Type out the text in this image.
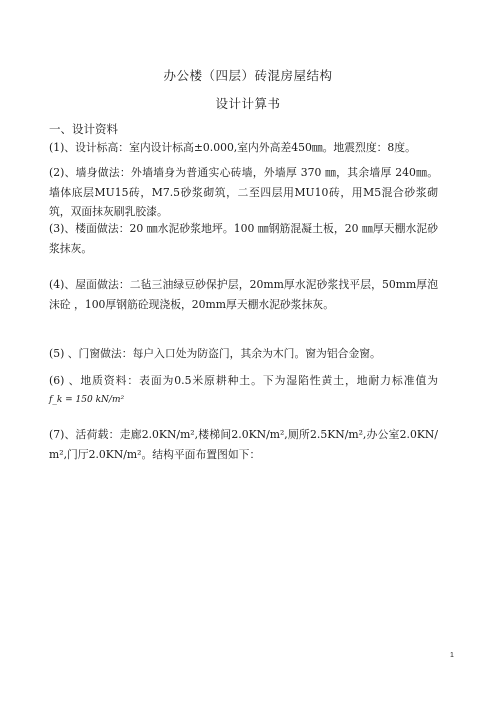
办公楼（四层）砖混房屋结构
设计计算书
一、设计资料
(1)、设计标高：室内设计标高±0.000,室内外高差450㎜。地震烈度：8度。
(2)、墙身做法：外墙墙身为普通实心砖墙，外墙厚 370 ㎜，其余墙厚 240㎜。墙体底层MU15砖，M7.5砂浆砌筑，二至四层用MU10砖，用M5混合砂浆砌筑，双面抹灰刷乳胶漆。
(3)、楼面做法：20 ㎜水泥砂浆地坪。100 ㎜钢筋混凝土板，20 ㎜厚天棚水泥砂浆抹灰。
(4)、屋面做法：二毡三油绿豆砂保护层，20mm厚水泥砂浆找平层，50mm厚泡沫砼 ，100厚钢筋砼现浇板，20mm厚天棚水泥砂浆抹灰。
(5) 、门窗做法：每户入口处为防盗门，其余为木门。窗为铝合金窗。
(6) 、地质资料：表面为0.5米原耕种土。下为湿陷性黄土，地耐力标准值为f_k = 150 kN/m²
(7)、活荷载：走廊2.0KN/m²,楼梯间2.0KN/m²,厕所2.5KN/m²,办公室2.0KN/m²,门厅2.0KN/m²。结构平面布置图如下：
1
